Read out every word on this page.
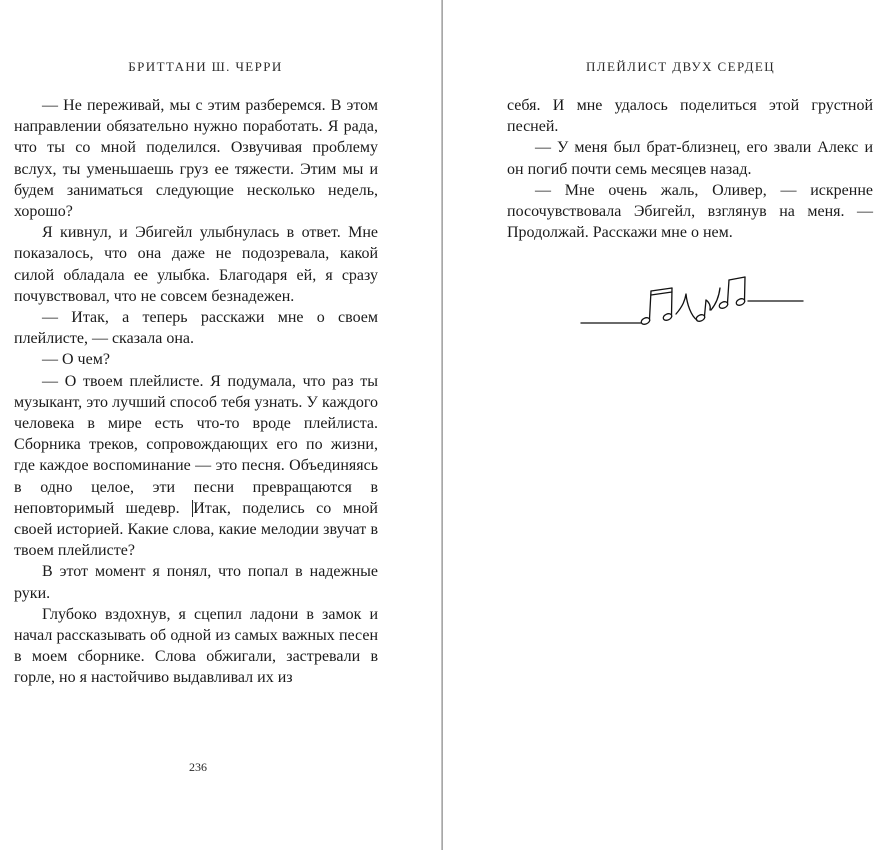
БРИТТАНИ Ш. ЧЕРРИ

— Не переживай, мы с этим разберемся. В этом направлении обязательно нужно поработать. Я рада, что ты со мной поделился. Озвучивая проблему вслух, ты уменьшаешь груз ее тяжести. Этим мы и будем заниматься следующие несколько недель, хорошо?

Я кивнул, и Эбигейл улыбнулась в ответ. Мне показалось, что она даже не подозревала, какой силой обладала ее улыбка. Благодаря ей, я сразу почувствовал, что не совсем безнадежен.

— Итак, а теперь расскажи мне о своем плейлисте, — сказала она.

— О чем?

— О твоем плейлисте. Я подумала, что раз ты музыкант, это лучший способ тебя узнать. У каждого человека в мире есть что-то вроде плейлиста. Сборника треков, сопровождающих его по жизни, где каждое воспоминание — это песня. Объединяясь в одно целое, эти песни превращаются в неповторимый шедевр. Итак, поделись со мной своей историей. Какие слова, какие мелодии звучат в твоем плейлисте?

В этот момент я понял, что попал в надежные руки.

Глубоко вздохнув, я сцепил ладони в замок и начал рассказывать об одной из самых важных песен в моем сборнике. Слова обжигали, застревали в горле, но я настойчиво выдавливал их из

236
ПЛЕЙЛИСТ ДВУХ СЕРДЕЦ

себя. И мне удалось поделиться этой грустной песней.

— У меня был брат-близнец, его звали Алекс и он погиб почти семь месяцев назад.

— Мне очень жаль, Оливер, — искренне посочувствовала Эбигейл, взглянув на меня. — Продолжай. Расскажи мне о нем.
